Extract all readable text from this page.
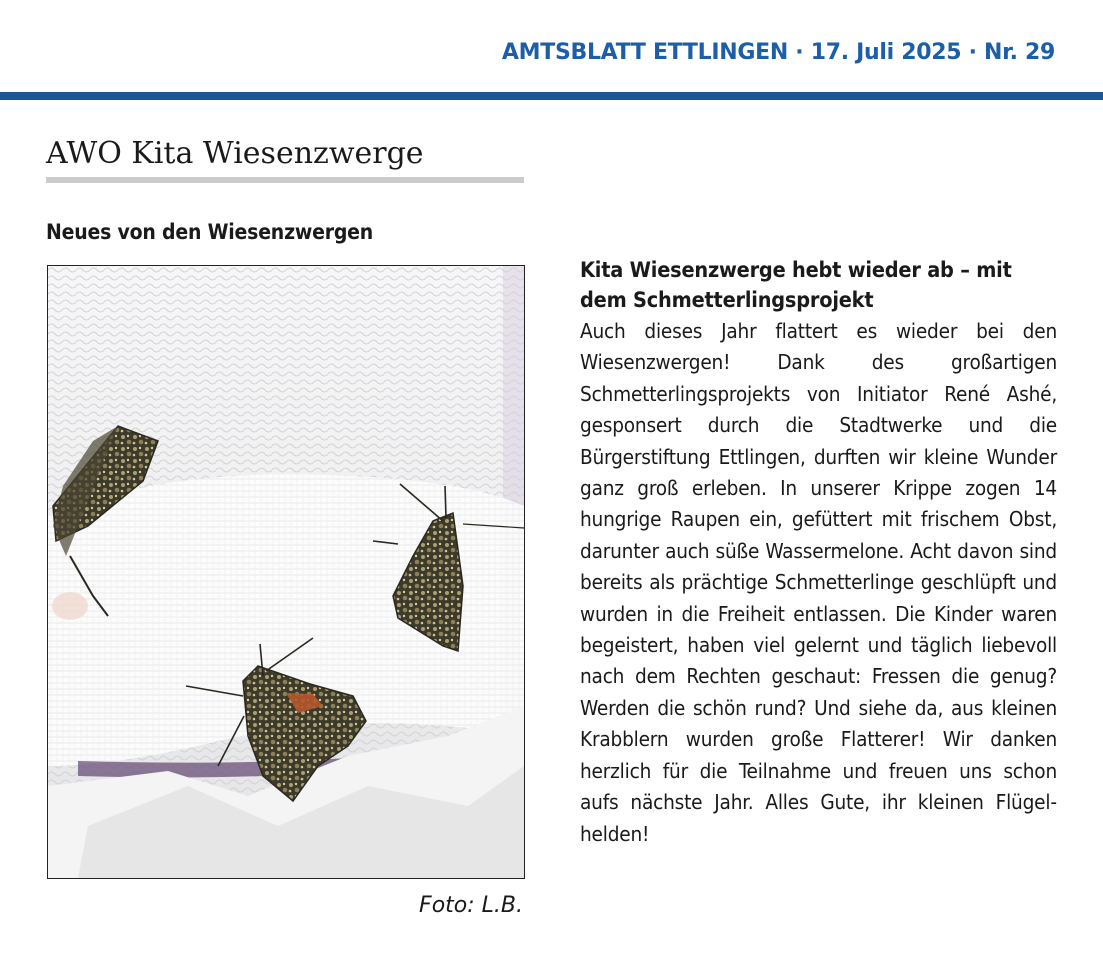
AMTSBLATT ETTLINGEN · 17. Juli 2025 · Nr. 29
AWO Kita Wiesenzwerge
Neues von den Wiesenzwergen
Foto: L.B.
Kita Wiesenzwerge hebt wieder ab – mit dem Schmetterlingsprojekt
Auch dieses Jahr flattert es wieder bei den Wiesenzwergen! Dank des großartigen Schmetterlingsprojekts von Initiator René Ashé, gesponsert durch die Stadtwerke und die Bürgerstiftung Ettlingen, durften wir kleine Wunder ganz groß erleben. In unserer Krippe zogen 14 hungrige Raupen ein, gefüttert mit frischem Obst, darunter auch süße Wassermelone. Acht davon sind bereits als prächtige Schmetterlinge geschlüpft und wurden in die Freiheit entlassen. Die Kinder waren begeistert, haben viel gelernt und täglich liebevoll nach dem Rechten geschaut: Fressen die genug? Werden die schön rund? Und siehe da, aus kleinen Krabblern wurden große Flatterer! Wir danken herzlich für die Teilnahme und freuen uns schon aufs nächste Jahr. Alles Gute, ihr kleinen Flügelhelden!
